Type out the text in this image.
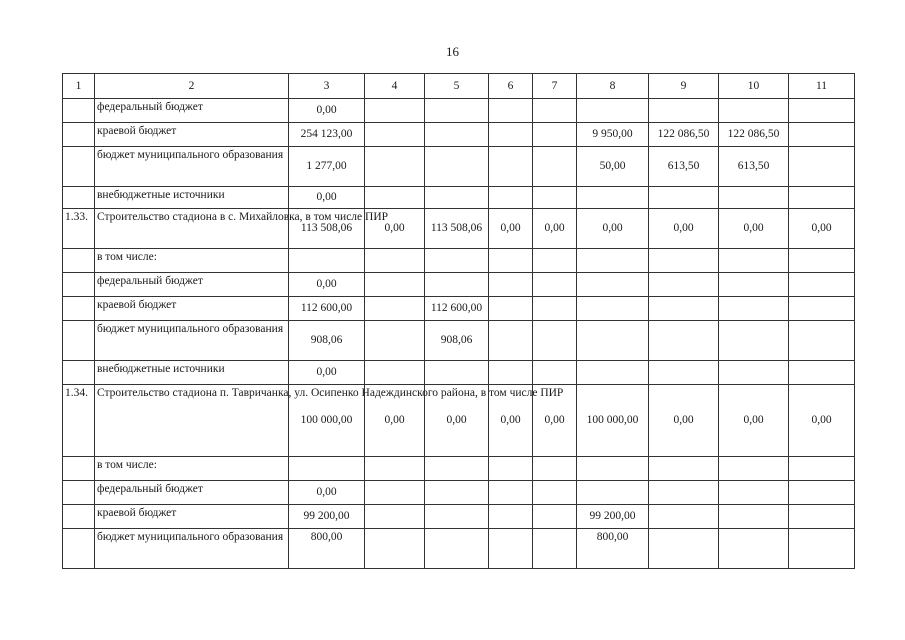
16
1	2	3	4	5	6	7	8	9	10	11
	федеральный бюджет	0,00								
	краевой бюджет	254 123,00					9 950,00	122 086,50	122 086,50	
	бюджет муниципального образования	1 277,00					50,00	613,50	613,50	
	внебюджетные источники	0,00								
1.33.	Строительство стадиона в с. Михайловка, в том числе ПИР	113 508,06	0,00	113 508,06	0,00	0,00	0,00	0,00	0,00	0,00
	в том числе:									
	федеральный бюджет	0,00								
	краевой бюджет	112 600,00		112 600,00						
	бюджет муниципального образования	908,06		908,06						
	внебюджетные источники	0,00								
1.34.	Строительство стадиона п. Тавричанка, ул. Осипенко Надеждинского района, в том числе ПИР	100 000,00	0,00	0,00	0,00	0,00	100 000,00	0,00	0,00	0,00
	в том числе:									
	федеральный бюджет	0,00								
	краевой бюджет	99 200,00					99 200,00			
	бюджет муниципального образования	800,00					800,00			
